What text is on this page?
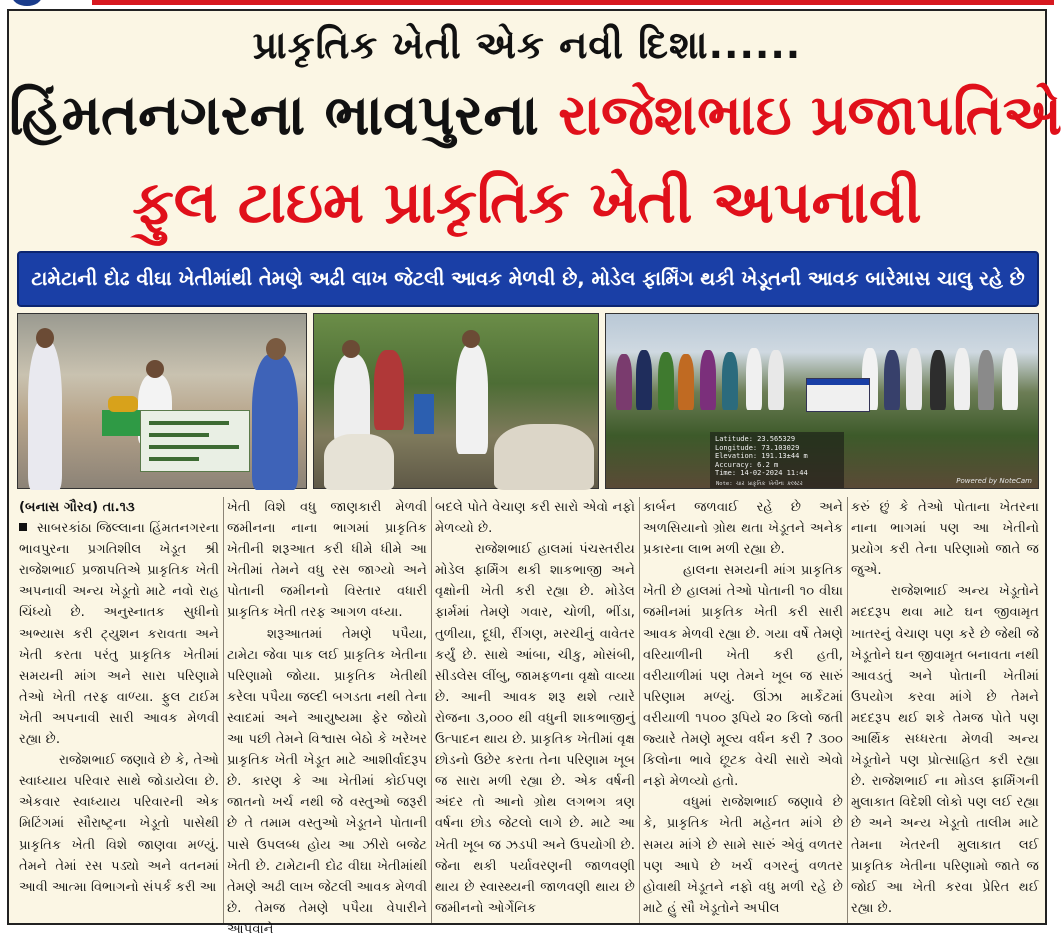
પ્રાકૃતિક ખેતી એક નવી દિશા......
હિંમતનગરના ભાવપુરના રાજેશભાઇ પ્રજાપતિએ
ફુલ ટાઇમ પ્રાકૃતિક ખેતી અપનાવી
ટામેટાની દોઢ વીઘા ખેતીમાંથી તેમણે અઢી લાખ જેટલી આવક મેળવી છે, મોડેલ ફાર્મિંગ થકી ખેડૂતની આવક બારેમાસ ચાલુ રહે છે
Latitude: 23.565329
Longitude: 73.103029
Elevation: 191.13±44 m
Accuracy: 6.2 m
Time: 14-02-2024 11:44
Note: ચાર પ્રાકૃતિક ખેતીના કલ્સ્ટર	Powered by NoteCam

(બનાસ ગૌરવ) તા.૧૩

સાબરકાંઠા જિલ્લાના હિંમતનગરના ભાવપુરના પ્રગતિશીલ ખેડૂત શ્રી રાજેશભાઈ પ્રજાપતિએ પ્રાકૃતિક ખેતી અપનાવી અન્ય ખેડૂતો માટે નવો રાહ ચિંધ્યો છે. અનુસ્નાતક સુધીનો અભ્યાસ કરી ટ્યુશન કરાવતા અને ખેતી કરતા પરંતુ પ્રાકૃતિક ખેતીમાં સમયની માંગ અને સારા પરિણામે તેઓ ખેતી તરફ વાળ્યા. ફુલ ટાઈમ ખેતી અપનાવી સારી આવક મેળવી રહ્યા છે.

રાજેશભાઈ જણાવે છે કે, તેઓ સ્વાધ્યાય પરિવાર સાથે જોડાયેલા છે. એકવાર સ્વાધ્યાય પરિવારની એક મિટિંગમાં સૌરાષ્ટ્રના ખેડૂતો પાસેથી પ્રાકૃતિક ખેતી વિશે જાણવા મળ્યું. તેમને તેમાં રસ પડ્યો અને વતનમાં આવી આત્મા વિભાગનો સંપર્ક કરી આ

ખેતી વિશે વધુ જાણકારી મેળવી જમીનના નાના ભાગમાં પ્રાકૃતિક ખેતીની શરૂઆત કરી ધીમે ધીમે આ ખેતીમાં તેમને વધુ રસ જાગ્યો અને પોતાની જમીનનો વિસ્તાર વધારી પ્રાકૃતિક ખેતી તરફ આગળ વધ્યા.

શરૂઆતમાં તેમણે પપૈયા, ટામેટા જેવા પાક લઈ પ્રાકૃતિક ખેતીના પરિણામો જોયા. પ્રાકૃતિક ખેતીથી કરેલા પપૈયા જલ્દી બગડતા નથી તેના સ્વાદમાં અને આયુષ્યમા ફેર જોયો આ પછી તેમને વિશ્વાસ બેઠો કે ખરેખર પ્રાકૃતિક ખેતી ખેડૂત માટે આશીર્વાદરૂપ છે. કારણ કે આ ખેતીમાં કોઈપણ જાતનો ખર્ચ નથી જે વસ્તુઓ જરૂરી છે તે તમામ વસ્તુઓ ખેડૂતને પોતાની પાસે ઉપલબ્ધ હોય આ ઝીરો બજેટ ખેતી છે. ટામેટાની દોઢ વીઘા ખેતીમાંથી તેમણે અઢી લાખ જેટલી આવક મેળવી છે. તેમજ તેમણે પપૈયા વેપારીને આપવાને

બદલે પોતે વેચાણ કરી સારો એવો નફો મેળવ્યો છે.

રાજેશભાઈ હાલમાં પંચસ્તરીય મોડેલ ફાર્મિંગ થકી શાકભાજી અને વૃક્ષોની ખેતી કરી રહ્યા છે. મોડેલ ફાર્મમાં તેમણે ગવાર, ચોળી, ભીંડા, તુળીયા, દૂધી, રીંગણ, મરચીનું વાવેતર કર્યું છે. સાથે આંબા, ચીકુ, મોસંબી, સીડલેસ લીંબુ, જામફળના વૃક્ષો વાવ્યા છે. આની આવક શરૂ થશે ત્યારે રોજના ૩,૦૦૦ થી વધુની શાકભાજીનું ઉત્પાદન થાય છે. પ્રાકૃતિક ખેતીમાં વૃક્ષ છોડનો ઉછેર કરતા તેના પરિણામ ખૂબ જ સારા મળી રહ્યા છે. એક વર્ષની અંદર તો આનો ગ્રોથ લગભગ ત્રણ વર્ષના છોડ જેટલો લાગે છે. માટે આ ખેતી ખૂબ જ ઝડપી અને ઉપયોગી છે. જેના થકી પર્યાવરણની જાળવણી થાય છે સ્વાસ્થ્યની જાળવણી થાય છે જમીનનો ઓર્ગેનિક

કાર્બન જળવાઈ રહે છે અને અળસિયાનો ગ્રોથ થતા ખેડૂતને અનેક પ્રકારના લાભ મળી રહ્યા છે.

હાલના સમયની માંગ પ્રાકૃતિક ખેતી છે હાલમાં તેઓ પોતાની ૧૦ વીઘા જમીનમાં પ્રાકૃતિક ખેતી કરી સારી આવક મેળવી રહ્યા છે. ગયા વર્ષે તેમણે વરિયાળીની ખેતી કરી હતી, વરીયાળીમાં પણ તેમને ખૂબ જ સારું પરિણામ મળ્યું. ઊંઝા માર્કેટમાં વરીયાળી ૧૫૦૦ રૂપિયે ૨૦ કિલો જતી જ્યારે તેમણે મૂલ્ય વર્ધન કરી ? ૩૦૦ કિલોના ભાવે છૂટક વેચી સારો એવો નફો મેળવ્યો હતો.

વધુમાં રાજેશભાઈ જણાવે છે કે, પ્રાકૃતિક ખેતી મહેનત માંગે છે સમય માંગે છે સામે સારું એવું વળતર પણ આપે છે ખર્ચ વગરનું વળતર હોવાથી ખેડૂતને નફો વધુ મળી રહે છે માટે હું સૌ ખેડૂતોને અપીલ

કરું છું કે તેઓ પોતાના ખેતરના નાના ભાગમાં પણ આ ખેતીનો પ્રયોગ કરી તેના પરિણામો જાતે જ જુએ.

રાજેશભાઈ અન્ય ખેડૂતોને મદદરૂપ થવા માટે ઘન જીવામૃત ખાતરનું વેચાણ પણ કરે છે જેથી જે ખેડૂતોને ઘન જીવામૃત બનાવતા નથી આવડતું અને પોતાની ખેતીમાં ઉપયોગ કરવા માંગે છે તેમને મદદરૂપ થઈ શકે તેમજ પોતે પણ આર્થિક સધ્ધરતા મેળવી અન્ય ખેડૂતોને પણ પ્રોત્સાહિત કરી રહ્યા છે. રાજેશભાઈ ના મોડલ ફાર્મિંગની મુલાકાત વિદેશી લોકો પણ લઈ રહ્યા છે અને અન્ય ખેડૂતો તાલીમ માટે તેમના ખેતરની મુલાકાત લઈ પ્રાકૃતિક ખેતીના પરિણામો જાતે જ જોઈ આ ખેતી કરવા પ્રેરિત થઈ રહ્યા છે.
